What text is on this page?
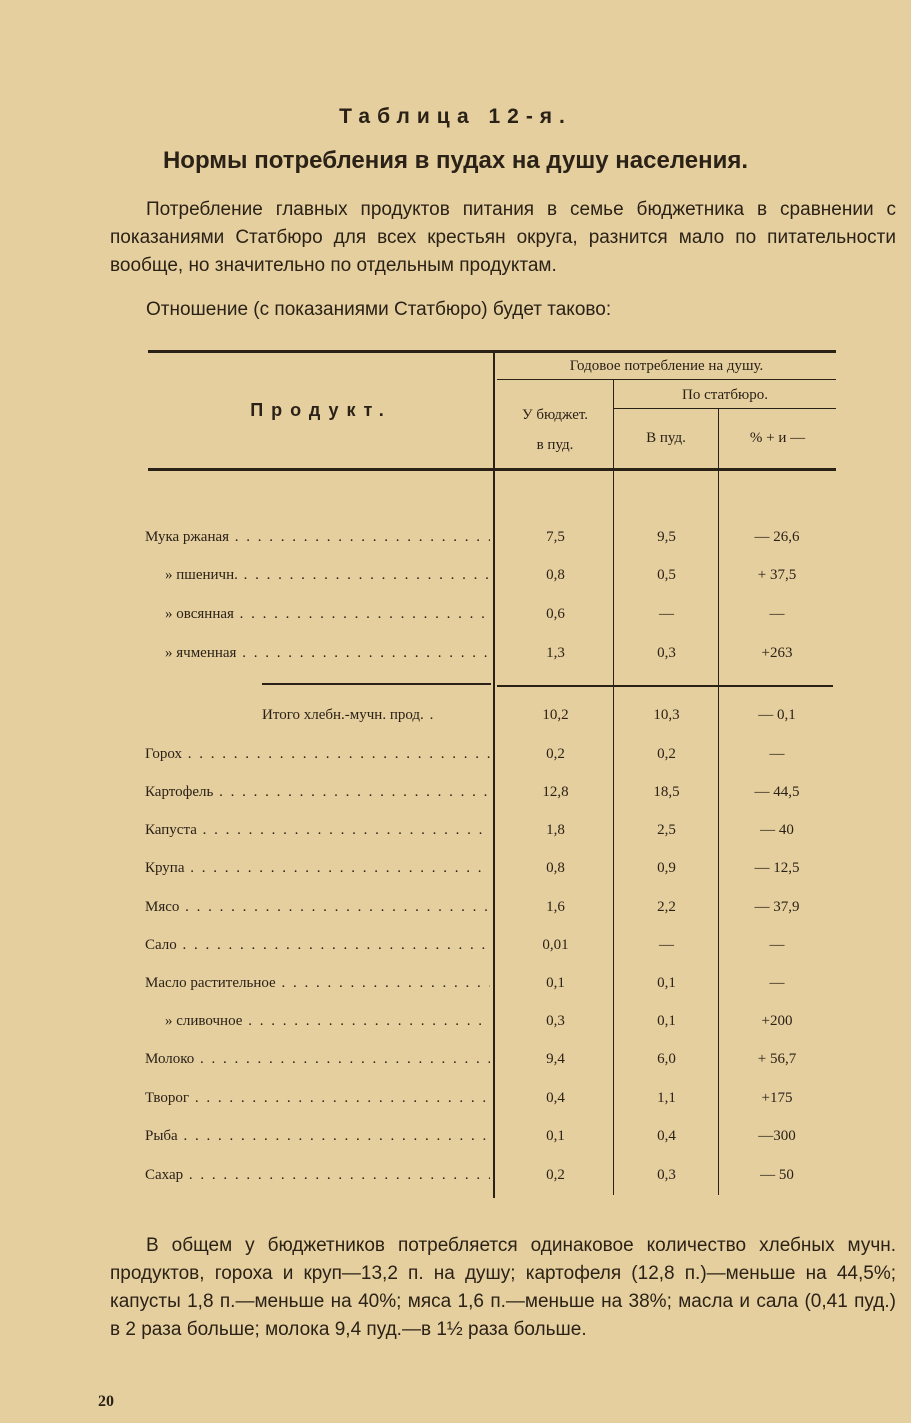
Таблица 12-я.
Нормы потребления в пудах на душу населения.

Потребление главных продуктов питания в семье бюджетника в сравнении с показаниями Статбюро для всех крестьян округа, разнится мало по питательности вообще, но значительно по отдельным продуктам.

Отношение (с показаниями Статбюро) будет таково:

Продукт.
Годовое потребление на душу.
У бюджет.
в пуд.
По статбюро.
В пуд.	% + и —
Мука ржаная . . .	7,5	9,5	— 26,6
» пшеничн. . . .	0,8	0,5	+ 37,5
» овсянная . . .	0,6	—	—
» ячменная . . .	1,3	0,3	+263
Итого хлебн.-мучн. прод. .	10,2	10,3	— 0,1
Горох . . .	0,2	0,2	—
Картофель . . .	12,8	18,5	— 44,5
Капуста . . .	1,8	2,5	— 40
Крупа . . .	0,8	0,9	— 12,5
Мясо . . .	1,6	2,2	— 37,9
Сало . . .	0,01	—	—
Масло растительное . . .	0,1	0,1	—
» сливочное . . .	0,3	0,1	+200
Молоко . . .	9,4	6,0	+ 56,7
Творог . . .	0,4	1,1	+175
Рыба . . .	0,1	0,4	—300
Сахар . . .	0,2	0,3	— 50

В общем у бюджетников потребляется одинаковое количество хлебных мучн. продуктов, гороха и круп—13,2 п. на душу; картофеля (12,8 п.)—меньше на 44,5%; капусты 1,8 п.—меньше на 40%; мяса 1,6 п.—меньше на 38%; масла и сала (0,41 пуд.) в 2 раза больше; молока 9,4 пуд.—в 1½ раза больше.

20
